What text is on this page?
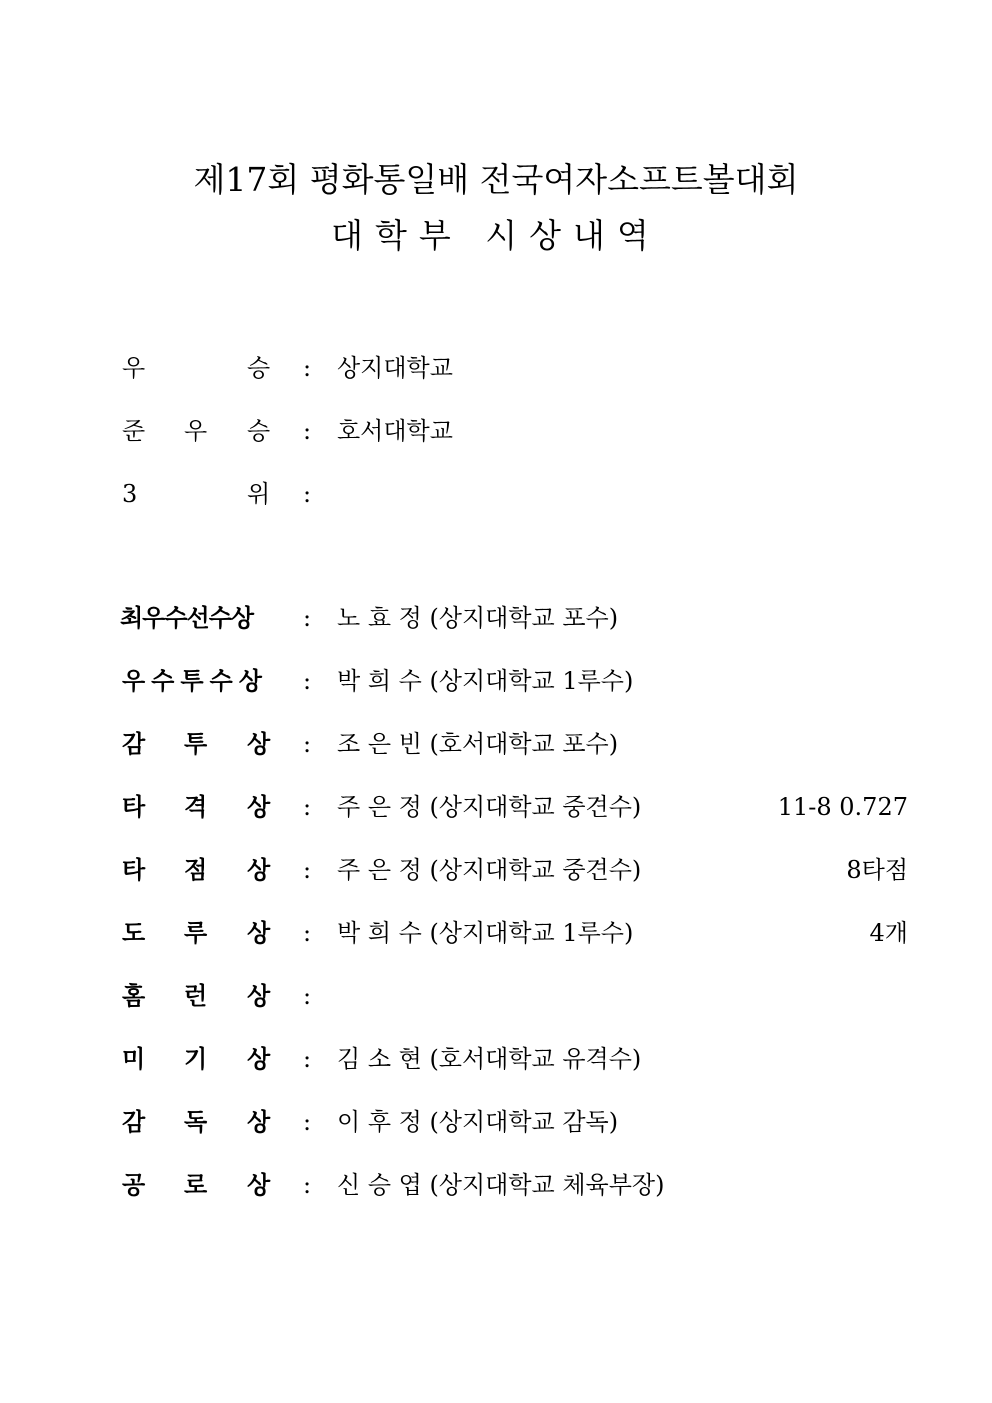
제17회 평화통일배 전국여자소프트볼대회
대학부 시상내역
우	승 : 상지대학교
준 우 승 : 호서대학교
3	위 :
최우수선수상 : 노 효 정 (상지대학교 포수)
우수투수상 : 박 희 수 (상지대학교 1루수)
감 투 상 : 조 은 빈 (호서대학교 포수)
타 격 상 : 주 은 정 (상지대학교 중견수)	11-8 0.727
타 점 상 : 주 은 정 (상지대학교 중견수)	8타점
도 루 상 : 박 희 수 (상지대학교 1루수)	4개
홈 런 상 :
미 기 상 : 김 소 현 (호서대학교 유격수)
감 독 상 : 이 후 정 (상지대학교 감독)
공 로 상 : 신 승 엽 (상지대학교 체육부장)
